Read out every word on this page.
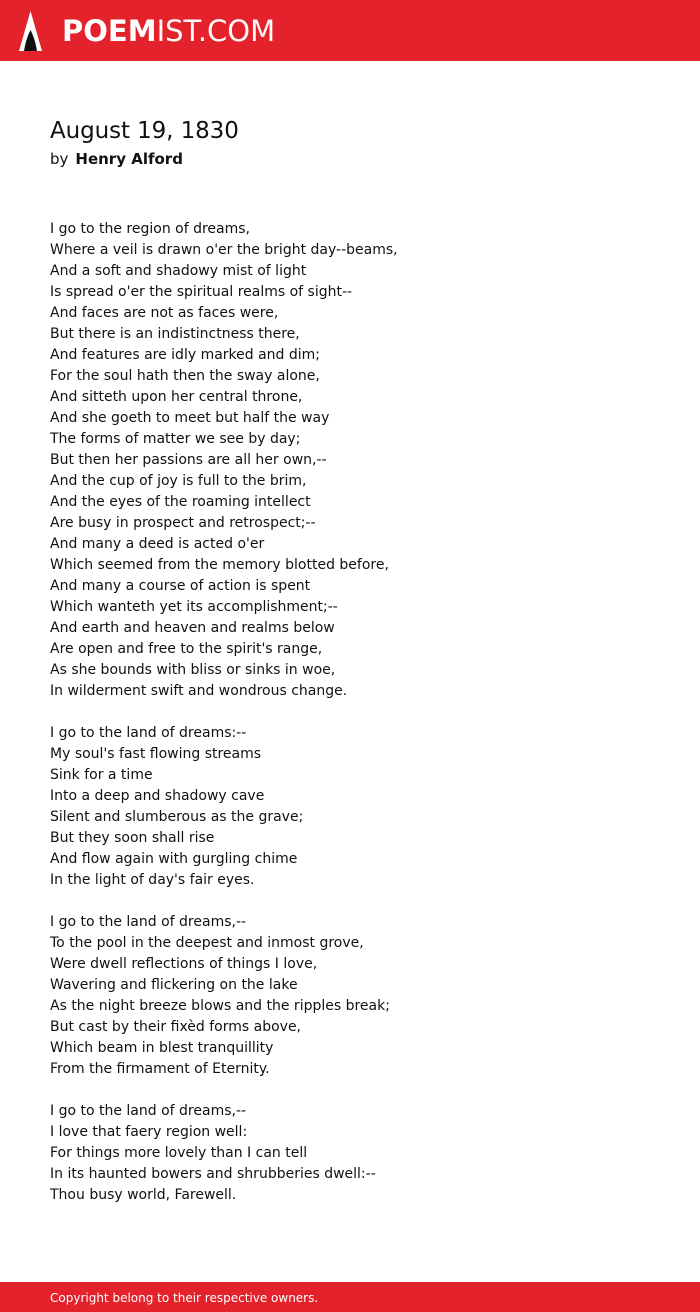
POEMIST.COM
August 19, 1830
by Henry Alford
I go to the region of dreams,
Where a veil is drawn o'er the bright day--beams,
And a soft and shadowy mist of light
Is spread o'er the spiritual realms of sight--
And faces are not as faces were,
But there is an indistinctness there,
And features are idly marked and dim;
For the soul hath then the sway alone,
And sitteth upon her central throne,
And she goeth to meet but half the way
The forms of matter we see by day;
But then her passions are all her own,--
And the cup of joy is full to the brim,
And the eyes of the roaming intellect
Are busy in prospect and retrospect;--
And many a deed is acted o'er
Which seemed from the memory blotted before,
And many a course of action is spent
Which wanteth yet its accomplishment;--
And earth and heaven and realms below
Are open and free to the spirit's range,
As she bounds with bliss or sinks in woe,
In wilderment swift and wondrous change.
I go to the land of dreams:--
My soul's fast flowing streams
Sink for a time
Into a deep and shadowy cave
Silent and slumberous as the grave;
But they soon shall rise
And flow again with gurgling chime
In the light of day's fair eyes.
I go to the land of dreams,--
To the pool in the deepest and inmost grove,
Were dwell reflections of things I love,
Wavering and flickering on the lake
As the night breeze blows and the ripples break;
But cast by their fixèd forms above,
Which beam in blest tranquillity
From the firmament of Eternity.
I go to the land of dreams,--
I love that faery region well:
For things more lovely than I can tell
In its haunted bowers and shrubberies dwell:--
Thou busy world, Farewell.
Copyright belong to their respective owners.
